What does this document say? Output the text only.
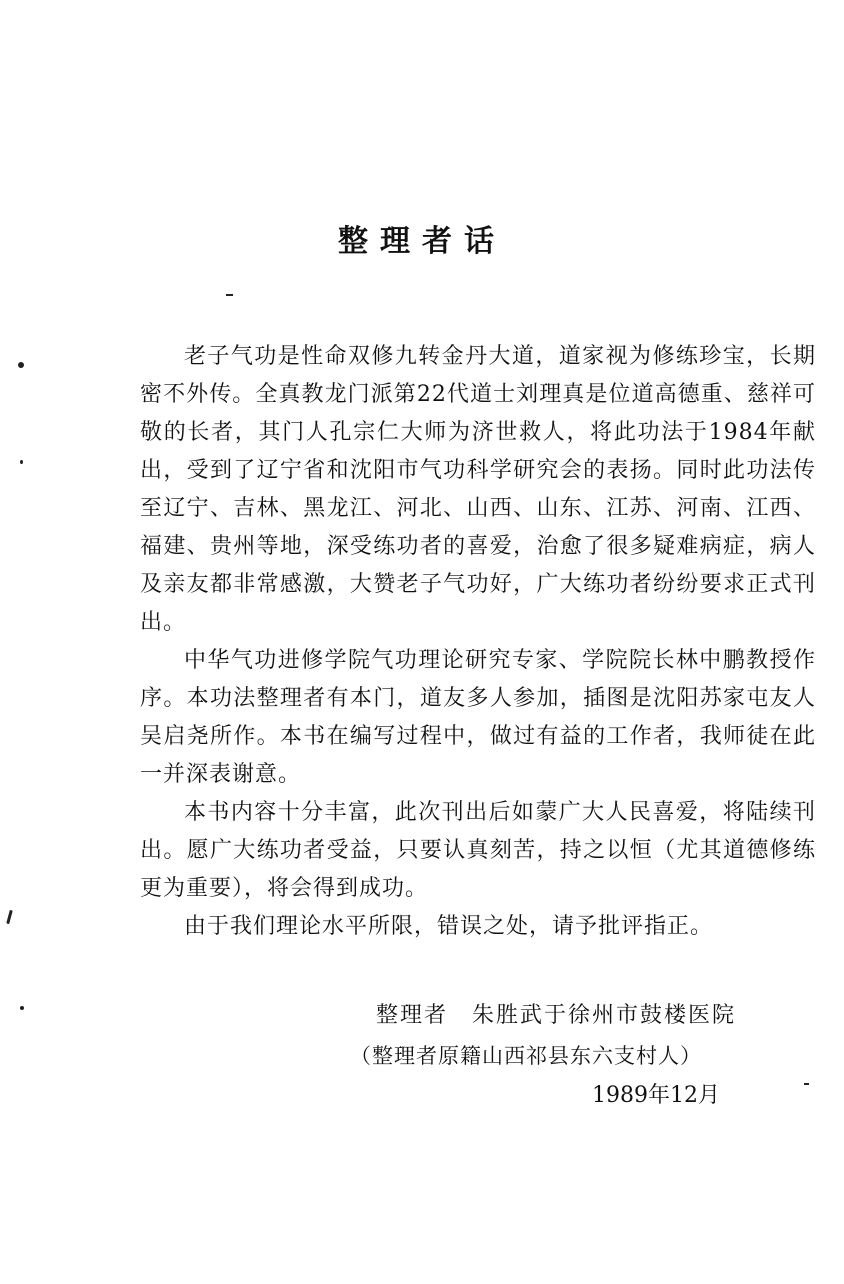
整理者话

老子气功是性命双修九转金丹大道，道家视为修练珍宝，长期密不外传。全真教龙门派第22代道士刘理真是位道高德重、慈祥可敬的长者，其门人孔宗仁大师为济世救人，将此功法于1984年献出，受到了辽宁省和沈阳市气功科学研究会的表扬。同时此功法传至辽宁、吉林、黑龙江、河北、山西、山东、江苏、河南、江西、福建、贵州等地，深受练功者的喜爱，治愈了很多疑难病症，病人及亲友都非常感激，大赞老子气功好，广大练功者纷纷要求正式刊出。

中华气功进修学院气功理论研究专家、学院院长林中鹏教授作序。本功法整理者有本门，道友多人参加，插图是沈阳苏家屯友人吴启尧所作。本书在编写过程中，做过有益的工作者，我师徒在此一并深表谢意。

本书内容十分丰富，此次刊出后如蒙广大人民喜爱，将陆续刊出。愿广大练功者受益，只要认真刻苦，持之以恒（尤其道德修练更为重要），将会得到成功。

由于我们理论水平所限，错误之处，请予批评指正。

整理者　朱胜武于徐州市鼓楼医院
（整理者原籍山西祁县东六支村人）
1989年12月
